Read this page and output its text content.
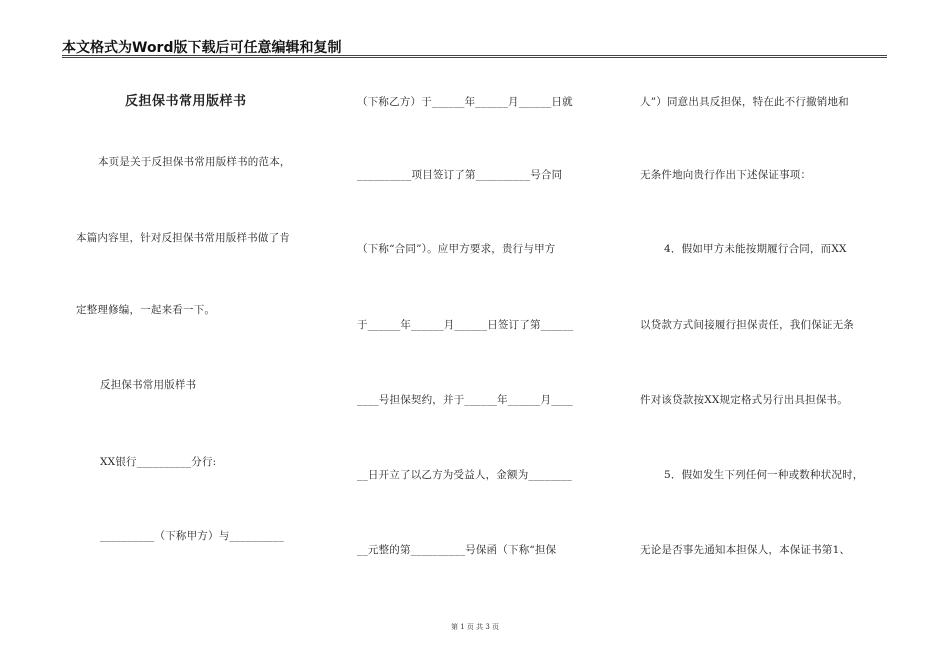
本文格式为Word版下载后可任意编辑和复制
反担保书常用版样书
本页是关于反担保书常用版样书的范本，
本篇内容里，针对反担保书常用版样书做了肯
定整理修编，一起来看一下。
反担保书常用版样书
XX银行__________分行:
__________（下称甲方）与__________
（下称乙方）于______年______月______日就
__________项目签订了第__________号合同
（下称“合同”）。应甲方要求，贵行与甲方
于______年______月______日签订了第______
____号担保契约，并于______年______月____
__日开立了以乙方为受益人，金额为________
__元整的第__________号保函（下称“担保
人”）同意出具反担保，特在此不行撤销地和
无条件地向贵行作出下述保证事项：
4．假如甲方未能按期履行合同，而XX
以贷款方式间接履行担保责任，我们保证无条
件对该贷款按XX规定格式另行出具担保书。
5．假如发生下列任何一种或数种状况时，
无论是否事先通知本担保人，本保证书第1、
第 1 页 共 3 页
